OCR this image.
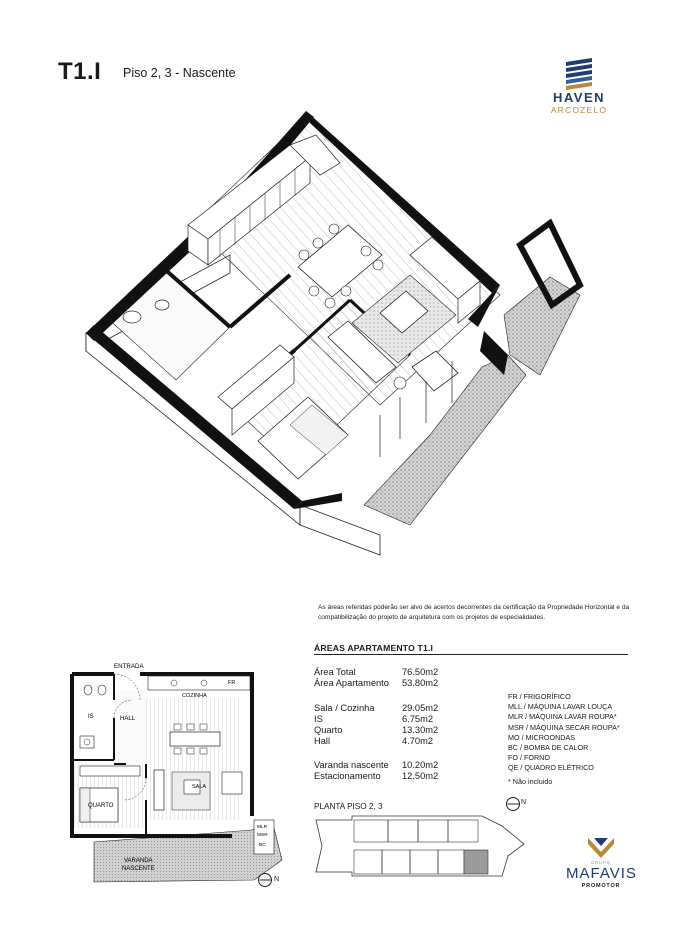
T1.I Piso 2, 3 - Nascente
HAVEN
ARCOZELO
As áreas referidas poderão ser alvo de acertos decorrentes da certificação da Propriedade Horizontal e da compatibilização do projeto de arquitetura com os projetos de especialidades.
ÁREAS APARTAMENTO T1.I
Área Total	76.50m2
Área Apartamento 53.80m2
Sala / Cozinha	29.05m2
IS	6.75m2
Quarto	13.30m2
Hall	4.70m2
Varanda nascente 10.20m2
Estacionamento 12.50m2
FR / FRIGORÍFICO
MLL / MÁQUINA LAVAR LOUÇA
MLR / MÁQUINA LAVAR ROUPA*
MSR / MÁQUINA SECAR ROUPA*
MO / MICROONDAS
BC / BOMBA DE CALOR
FO / FORNO
QE / QUADRO ELÉTRICO
* Não incluido
PLANTA PISO 2, 3	N
ENTRADA
COZINHA
FR
IS	HALL
SALA
QUARTO
VARANDA
NASCENTE
MLR
MSR
BC
N
GRUPO
MAFAVIS
PROMOTOR
